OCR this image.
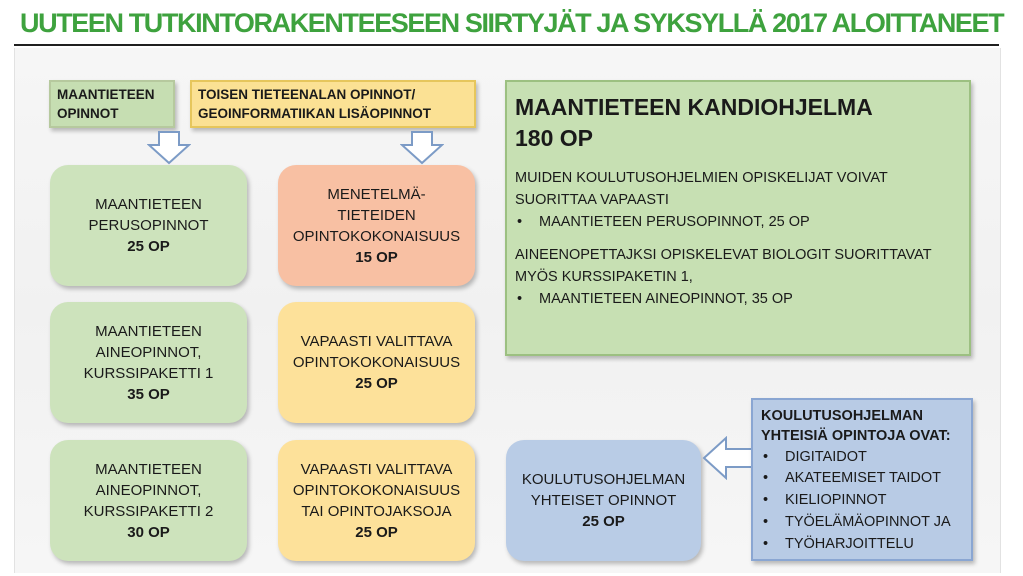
UUTEEN TUTKINTORAKENTEESEEN SIIRTYJÄT JA SYKSYLLÄ 2017 ALOITTANEET
MAANTIETEEN
OPINNOT
TOISEN TIETEENALAN OPINNOT/
GEOINFORMATIIKAN LISÄOPINNOT
MAANTIETEEN
PERUSOPINNOT
25 OP
MENETELMÄ-
TIETEIDEN
OPINTOKOKONAISUUS
15 OP
MAANTIETEEN
AINEOPINNOT,
KURSSIPAKETTI 1
35 OP
VAPAASTI VALITTAVA
OPINTOKOKONAISUUS
25 OP
MAANTIETEEN
AINEOPINNOT,
KURSSIPAKETTI 2
30 OP
VAPAASTI VALITTAVA
OPINTOKOKONAISUUS
TAI OPINTOJAKSOJA
25 OP
MAANTIETEEN KANDIOHJELMA
180 OP

MUIDEN KOULUTUSOHJELMIEN OPISKELIJAT VOIVAT

SUORITTAA VAPAASTI

• MAANTIETEEN PERUSOPINNOT, 25 OP

AINEENOPETTAJKSI OPISKELEVAT BIOLOGIT SUORITTAVAT

MYÖS KURSSIPAKETIN 1,

• MAANTIETEEN AINEOPINNOT, 35 OP
KOULUTUSOHJELMAN
YHTEISET OPINNOT
25 OP
KOULUTUSOHJELMAN
YHTEISIÄ OPINTOJA OVAT:
• DIGITAIDOT
• AKATEEMISET TAIDOT
• KIELIOPINNOT
• TYÖELÄMÄOPINNOT JA
• TYÖHARJOITTELU
